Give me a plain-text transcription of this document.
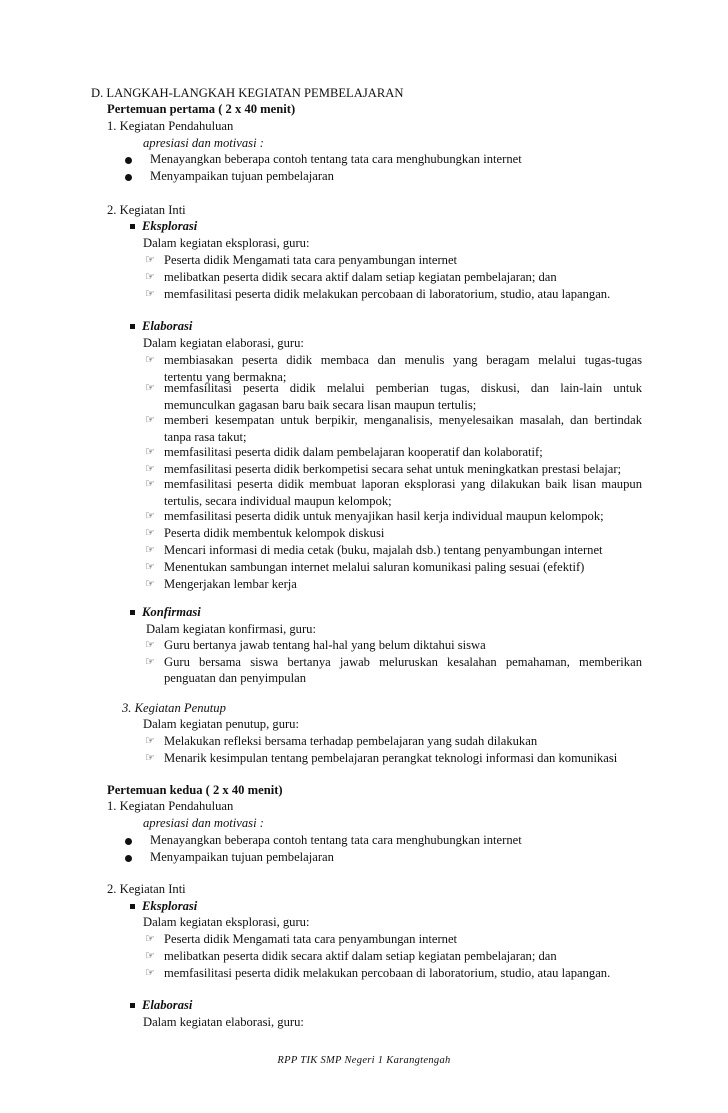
D. LANGKAH-LANGKAH KEGIATAN PEMBELAJARAN
Pertemuan pertama ( 2 x 40 menit)
1. Kegiatan Pendahuluan
apresiasi dan motivasi :
Menayangkan beberapa contoh tentang tata cara menghubungkan internet
Menyampaikan tujuan pembelajaran
2. Kegiatan Inti
Eksplorasi
Dalam kegiatan eksplorasi, guru:
☞ Peserta didik Mengamati tata cara penyambungan internet
☞ melibatkan peserta didik secara aktif dalam setiap kegiatan pembelajaran; dan
☞ memfasilitasi peserta didik melakukan percobaan di laboratorium, studio, atau lapangan.
Elaborasi
Dalam kegiatan elaborasi, guru:
☞ membiasakan peserta didik membaca dan menulis yang beragam melalui tugas-tugas
tertentu yang bermakna;
☞ memfasilitasi peserta didik melalui pemberian tugas, diskusi, dan lain-lain untuk
memunculkan gagasan baru baik secara lisan maupun tertulis;
☞ memberi kesempatan untuk berpikir, menganalisis, menyelesaikan masalah, dan bertindak
tanpa rasa takut;
☞ memfasilitasi peserta didik dalam pembelajaran kooperatif dan kolaboratif;
☞ memfasilitasi peserta didik berkompetisi secara sehat untuk meningkatkan prestasi belajar;
☞ memfasilitasi peserta didik membuat laporan eksplorasi yang dilakukan baik lisan maupun
tertulis, secara individual maupun kelompok;
☞ memfasilitasi peserta didik untuk menyajikan hasil kerja individual maupun kelompok;
☞ Peserta didik membentuk kelompok diskusi
☞ Mencari informasi di media cetak (buku, majalah dsb.) tentang penyambungan internet
☞ Menentukan sambungan internet melalui saluran komunikasi paling sesuai (efektif)
☞ Mengerjakan lembar kerja
Konfirmasi
Dalam kegiatan konfirmasi, guru:
☞ Guru bertanya jawab tentang hal-hal yang belum diktahui siswa
☞ Guru bersama siswa bertanya jawab meluruskan kesalahan pemahaman, memberikan
penguatan dan penyimpulan
3. Kegiatan Penutup
Dalam kegiatan penutup, guru:
☞ Melakukan refleksi bersama terhadap pembelajaran yang sudah dilakukan
☞ Menarik kesimpulan tentang pembelajaran perangkat teknologi informasi dan komunikasi
Pertemuan kedua ( 2 x 40 menit)
1. Kegiatan Pendahuluan
apresiasi dan motivasi :
Menayangkan beberapa contoh tentang tata cara menghubungkan internet
Menyampaikan tujuan pembelajaran
2. Kegiatan Inti
Eksplorasi
Dalam kegiatan eksplorasi, guru:
☞ Peserta didik Mengamati tata cara penyambungan internet
☞ melibatkan peserta didik secara aktif dalam setiap kegiatan pembelajaran; dan
☞ memfasilitasi peserta didik melakukan percobaan di laboratorium, studio, atau lapangan.
Elaborasi
Dalam kegiatan elaborasi, guru:
RPP TIK SMP Negeri 1 Karangtengah
